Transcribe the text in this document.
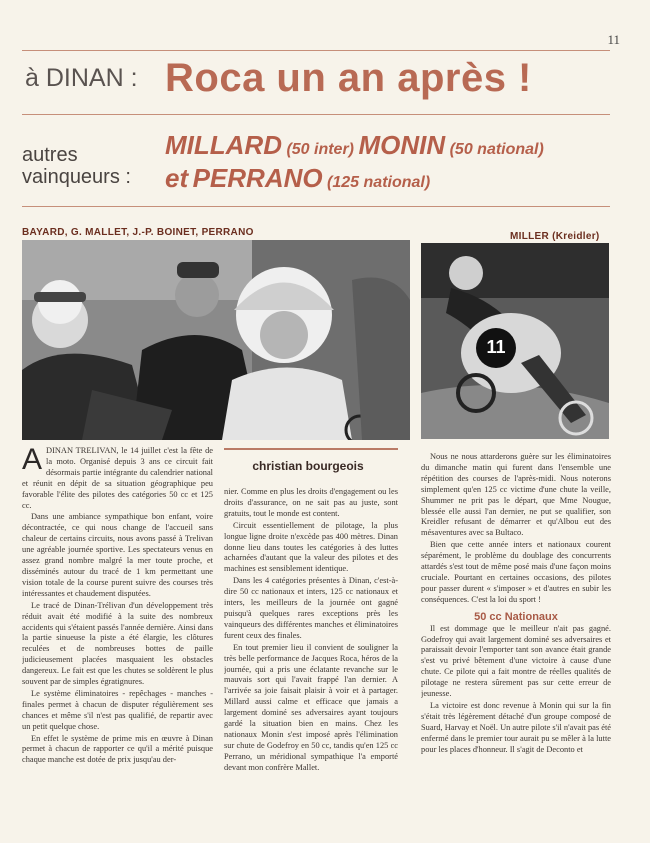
11
à DINAN : Roca un an après !
autres
vainqueurs :
MILLARD (50 inter) MONIN (50 national)
et PERRANO (125 national)
BAYARD, G. MALLET, J.-P. BOINET, PERRANO	MILLER (Kreidler)
11
christian bourgeois

ADINAN TRELIVAN, le 14 juillet c'est la fête de la moto. Organisé depuis 3 ans ce circuit fait désormais partie intégrante du calendrier national et réunit en dépit de sa situation géographique peu favorable l'élite des pilotes des catégories 50 cc et 125 cc.

Dans une ambiance sympathique bon enfant, voire décontractée, ce qui nous change de l'accueil sans chaleur de certains circuits, nous avons passé à Trelivan une agréable journée sportive. Les spectateurs venus en assez grand nombre malgré la mer toute proche, et disséminés autour du tracé de 1 km permettant une vision totale de la course purent suivre des courses très intéressantes et chaudement disputées.

Le tracé de Dinan-Trélivan d'un développement très réduit avait été modifié à la suite des nombreux accidents qui s'étaient passés l'année dernière. Ainsi dans la partie sinueuse la piste a été élargie, les clôtures reculées et de nombreuses bottes de paille judicieusement placées masquaient les obstacles dangereux. Le fait est que les chutes se soldèrent le plus souvent par de simples égratignures.

Le système éliminatoires - repêchages - manches - finales permet à chacun de disputer régulièrement ses chances et même s'il n'est pas qualifié, de repartir avec un petit quelque chose.

En effet le système de prime mis en œuvre à Dinan permet à chacun de rapporter ce qu'il a mérité puisque chaque manche est dotée de prix jusqu'au der-

nier. Comme en plus les droits d'engagement ou les droits d'assurance, on ne sait pas au juste, sont gratuits, tout le monde est content.

Circuit essentiellement de pilotage, la plus longue ligne droite n'excède pas 400 mètres. Dinan donne lieu dans toutes les catégories à des luttes acharnées d'autant que la valeur des pilotes et des machines est sensiblement identique.

Dans les 4 catégories présentes à Dinan, c'est-à-dire 50 cc nationaux et inters, 125 cc nationaux et inters, les meilleurs de la journée ont gagné puisqu'à quelques rares exceptions près les vainqueurs des différentes manches et éliminatoires furent ceux des finales.

En tout premier lieu il convient de souligner la très belle performance de Jacques Roca, héros de la journée, qui a pris une éclatante revanche sur le mauvais sort qui l'avait frappé l'an dernier. A l'arrivée sa joie faisait plaisir à voir et à partager. Millard aussi calme et efficace que jamais a largement dominé ses adversaires ayant toujours gardé la situation bien en mains. Chez les nationaux Monin s'est imposé après l'élimination sur chute de Godefroy en 50 cc, tandis qu'en 125 cc Perrano, un méridional sympathique l'a emporté devant mon confrère Mallet.

Nous ne nous attarderons guère sur les éliminatoires du dimanche matin qui furent dans l'ensemble une répétition des courses de l'après-midi. Nous noterons simplement qu'en 125 cc victime d'une chute la veille, Shummer ne prit pas le départ, que Mme Nougue, blessée elle aussi l'an dernier, ne put se qualifier, son Kreidler refusant de démarrer et qu'Albou eut des mésaventures avec sa Bultaco.

Bien que cette année inters et nationaux courent séparément, le problème du doublage des concurrents attardés s'est tout de même posé mais d'une façon moins cruciale. Pourtant en certaines occasions, des pilotes pour passer durent « s'imposer » et d'autres en subir les conséquences. C'est la loi du sport !

50 cc Nationaux

Il est dommage que le meilleur n'ait pas gagné. Godefroy qui avait largement dominé ses adversaires et paraissait devoir l'emporter tant son avance était grande s'est vu privé bêtement d'une victoire à cause d'une chute. Ce pilote qui a fait montre de réelles qualités de pilotage ne restera sûrement pas sur cette erreur de jeunesse.

La victoire est donc revenue à Monin qui sur la fin s'était très légèrement détaché d'un groupe composé de Suard, Harvay et Noël. Un autre pilote s'il n'avait pas été enfermé dans le premier tour aurait pu se mêler à la lutte pour les places d'honneur. Il s'agit de Deconto et
